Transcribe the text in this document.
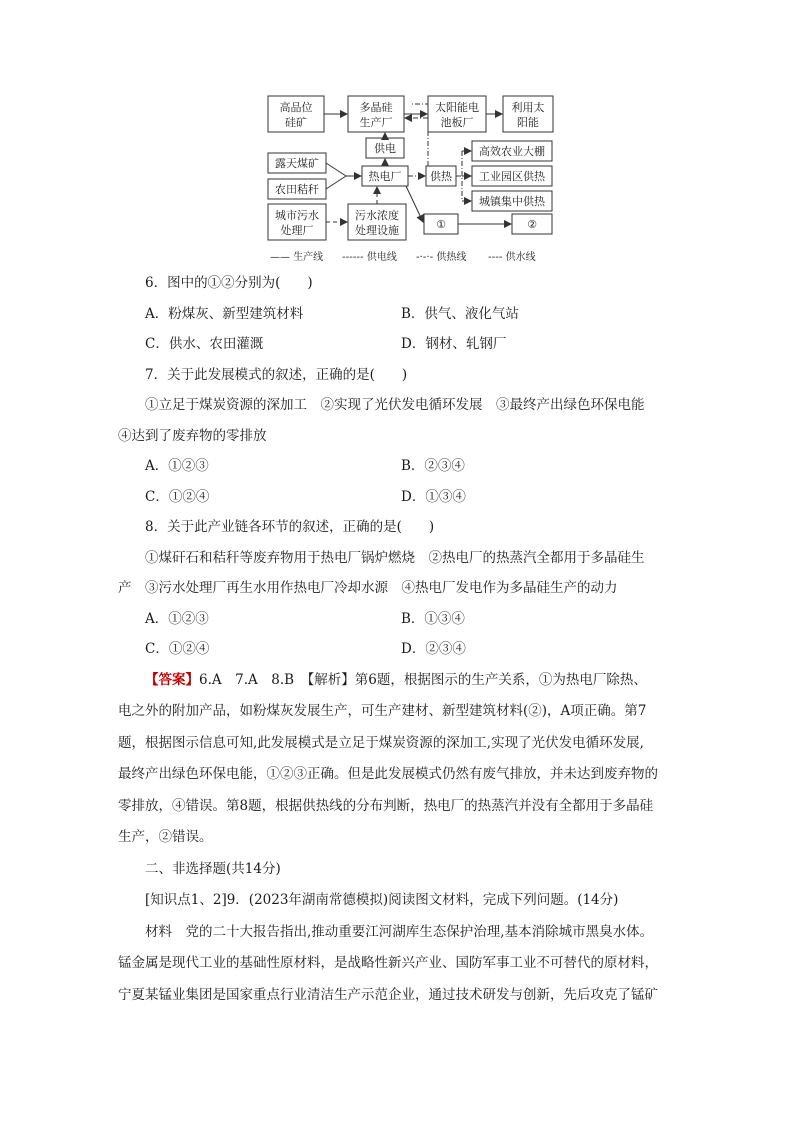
高品位
硅矿
多晶硅
生产厂
太阳能电
池板厂
利用太
阳能
供电
露天煤矿
农田秸秆
热电厂	供热
高效农业大棚
工业园区供热
城镇集中供热
城市污水
处理厂
污水浓度
处理设施	①	②
—— 生产线 ------ 供电线 -·-·- 供热线 ---- 供水线

6．图中的①②分别为(　　)

A．粉煤灰、新型建筑材料	B．供气、液化气站
C．供水、农田灌溉	D．钢材、轧钢厂

7．关于此发展模式的叙述，正确的是(　　)

①立足于煤炭资源的深加工　②实现了光伏发电循环发展　③最终产出绿色环保电能

④达到了废弃物的零排放

A．①②③	B．②③④
C．①②④	D．①③④

8．关于此产业链各环节的叙述，正确的是(　　)

①煤矸石和秸秆等废弃物用于热电厂锅炉燃烧　②热电厂的热蒸汽全都用于多晶硅生

产　③污水处理厂再生水用作热电厂冷却水源　④热电厂发电作为多晶硅生产的动力

A．①②③	B．①③④
C．①②④	D．②③④

【答案】6.A　7.A　8.B　【解析】第6题，根据图示的生产关系，①为热电厂除热、

电之外的附加产品，如粉煤灰发展生产，可生产建材、新型建筑材料(②)，A项正确。第7

题，根据图示信息可知,此发展模式是立足于煤炭资源的深加工,实现了光伏发电循环发展,

最终产出绿色环保电能，①②③正确。但是此发展模式仍然有废气排放，并未达到废弃物的

零排放，④错误。第8题，根据供热线的分布判断，热电厂的热蒸汽并没有全都用于多晶硅

生产，②错误。

二、非选择题(共14分)

[知识点1、2]9．(2023年湖南常德模拟)阅读图文材料，完成下列问题。(14分)

材料　党的二十大报告指出,推动重要江河湖库生态保护治理,基本消除城市黑臭水体。

锰金属是现代工业的基础性原材料，是战略性新兴产业、国防军事工业不可替代的原材料，

宁夏某锰业集团是国家重点行业清洁生产示范企业，通过技术研发与创新，先后攻克了锰矿
